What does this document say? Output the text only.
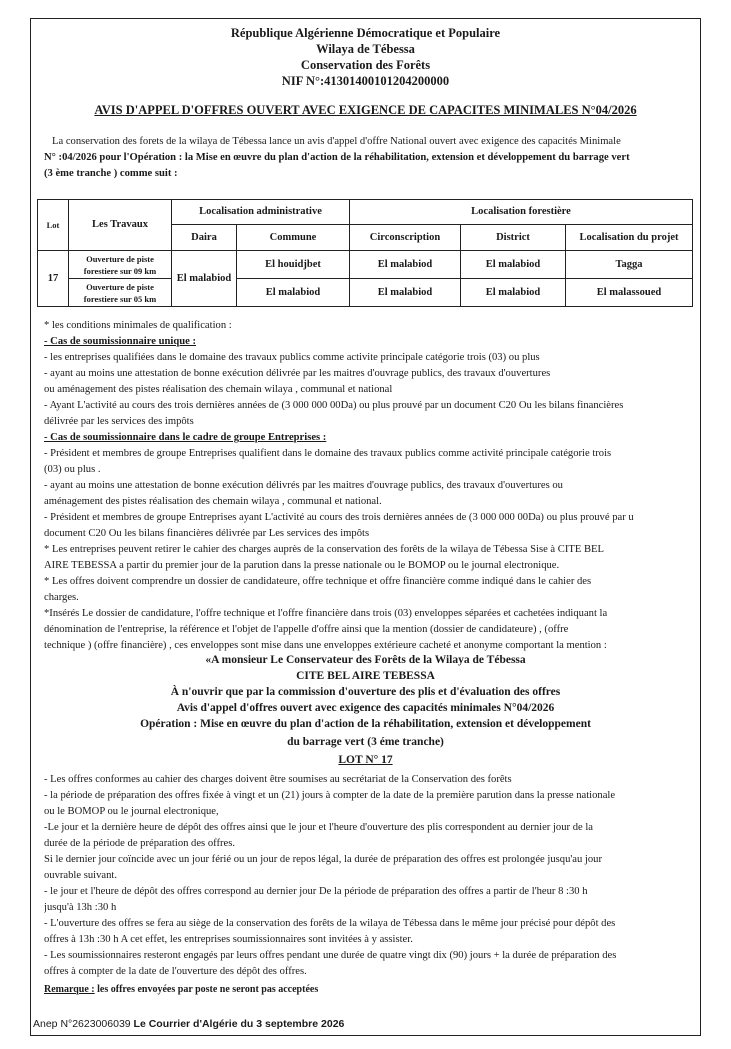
République Algérienne Démocratique et Populaire
Wilaya de Tébessa
Conservation des Forêts
NIF N°:41301400101204200000
AVIS D'APPEL D'OFFRES OUVERT AVEC EXIGENCE DE CAPACITES MINIMALES N°04/2026
La conservation des forets de la wilaya de Tébessa lance un avis d'appel d'offre National ouvert avec exigence des capacités Minimale
N° :04/2026 pour l'Opération : la Mise en œuvre du plan d'action de la réhabilitation, extension et développement du barrage vert
(3 ème tranche ) comme suit :
Lot	Les Travaux	Localisation administrative		Localisation forestière		
		Daira	Commune	Circonscription	District	Localisation du projet
17	Ouverture de piste forestiere sur 09 km	El malabiod	El houidjbet	El malabiod	El malabiod	Tagga
	Ouverture de piste forestiere sur 05 km		El malabiod	El malabiod	El malabiod	El malassoued
* les conditions minimales de qualification :
- Cas de soumissionnaire unique :
- les entreprises qualifiées dans le domaine des travaux publics comme activite principale catégorie trois (03) ou plus
- ayant au moins une attestation de bonne exécution délivrée par les maitres d'ouvrage publics, des travaux d'ouvertures
ou aménagement des pistes réalisation des chemain wilaya , communal et national
- Ayant L'activité au cours des trois dernières années de (3 000 000 00Da) ou plus prouvé par un document C20 Ou les bilans financières
délivrée par les services des impôts
- Cas de soumissionnaire dans le cadre de groupe Entreprises :
- Président et membres de groupe Entreprises qualifient dans le domaine des travaux publics comme activité principale catégorie trois
(03) ou plus .
- ayant au moins une attestation de bonne exécution délivrés par les maitres d'ouvrage publics, des travaux d'ouvertures ou
aménagement des pistes réalisation des chemain wilaya , communal et national.
- Président et membres de groupe Entreprises ayant L'activité au cours des trois dernières années de (3 000 000 00Da) ou plus prouvé par u
document C20 Ou les bilans financières délivrée par Les services des impôts
* Les entreprises peuvent retirer le cahier des charges auprès de la conservation des forêts de la wilaya de Tébessa Sise à CITE BEL
AIRE TEBESSA a partir du premier jour de la parution dans la presse nationale ou le BOMOP ou le journal electronique.
* Les offres doivent comprendre un dossier de candidateure, offre technique et offre financière comme indiqué dans le cahier des
charges.
*Insérés Le dossier de candidature, l'offre technique et l'offre financière dans trois (03) enveloppes séparées et cachetées indiquant la
dénomination de l'entreprise, la référence et l'objet de l'appelle d'offre ainsi que la mention (dossier de candidateure) , (offre
technique ) (offre financière) , ces enveloppes sont mise dans une enveloppes extérieure cacheté et anonyme comportant la mention :
«A monsieur Le Conservateur des Forêts de la Wilaya de Tébessa
CITE BEL AIRE TEBESSA
À n'ouvrir que par la commission d'ouverture des plis et d'évaluation des offres
Avis d'appel d'offres ouvert avec exigence des capacités minimales N°04/2026
Opération : Mise en œuvre du plan d'action de la réhabilitation, extension et développement
du barrage vert (3 éme tranche)
LOT N° 17
- Les offres conformes au cahier des charges doivent être soumises au secrétariat de la Conservation des forêts
- la période de préparation des offres fixée à vingt et un (21) jours à compter de la date de la première parution dans la presse nationale
ou le BOMOP ou le journal electronique,
-Le jour et la dernière heure de dépôt des offres ainsi que le jour et l'heure d'ouverture des plis correspondent au dernier jour de la
durée de la période de préparation des offres.
Si le dernier jour coïncide avec un jour férié ou un jour de repos légal, la durée de préparation des offres est prolongée jusqu'au jour
ouvrable suivant.
- le jour et l'heure de dépôt des offres correspond au dernier jour De la période de préparation des offres a partir de l'heur 8 :30 h
jusqu'à 13h :30 h
- L'ouverture des offres se fera au siège de la conservation des forêts de la wilaya de Tébessa dans le même jour précisé pour dépôt des
offres à 13h :30 h A cet effet, les entreprises soumissionnaires sont invitées à y assister.
- Les soumissionnaires resteront engagés par leurs offres pendant une durée de quatre vingt dix (90) jours + la durée de préparation des
offres à compter de la date de l'ouverture des dépôt des offres.
Remarque : les offres envoyées par poste ne seront pas acceptées
Anep N°2623006039 Le Courrier d'Algérie du 3 septembre 2026
